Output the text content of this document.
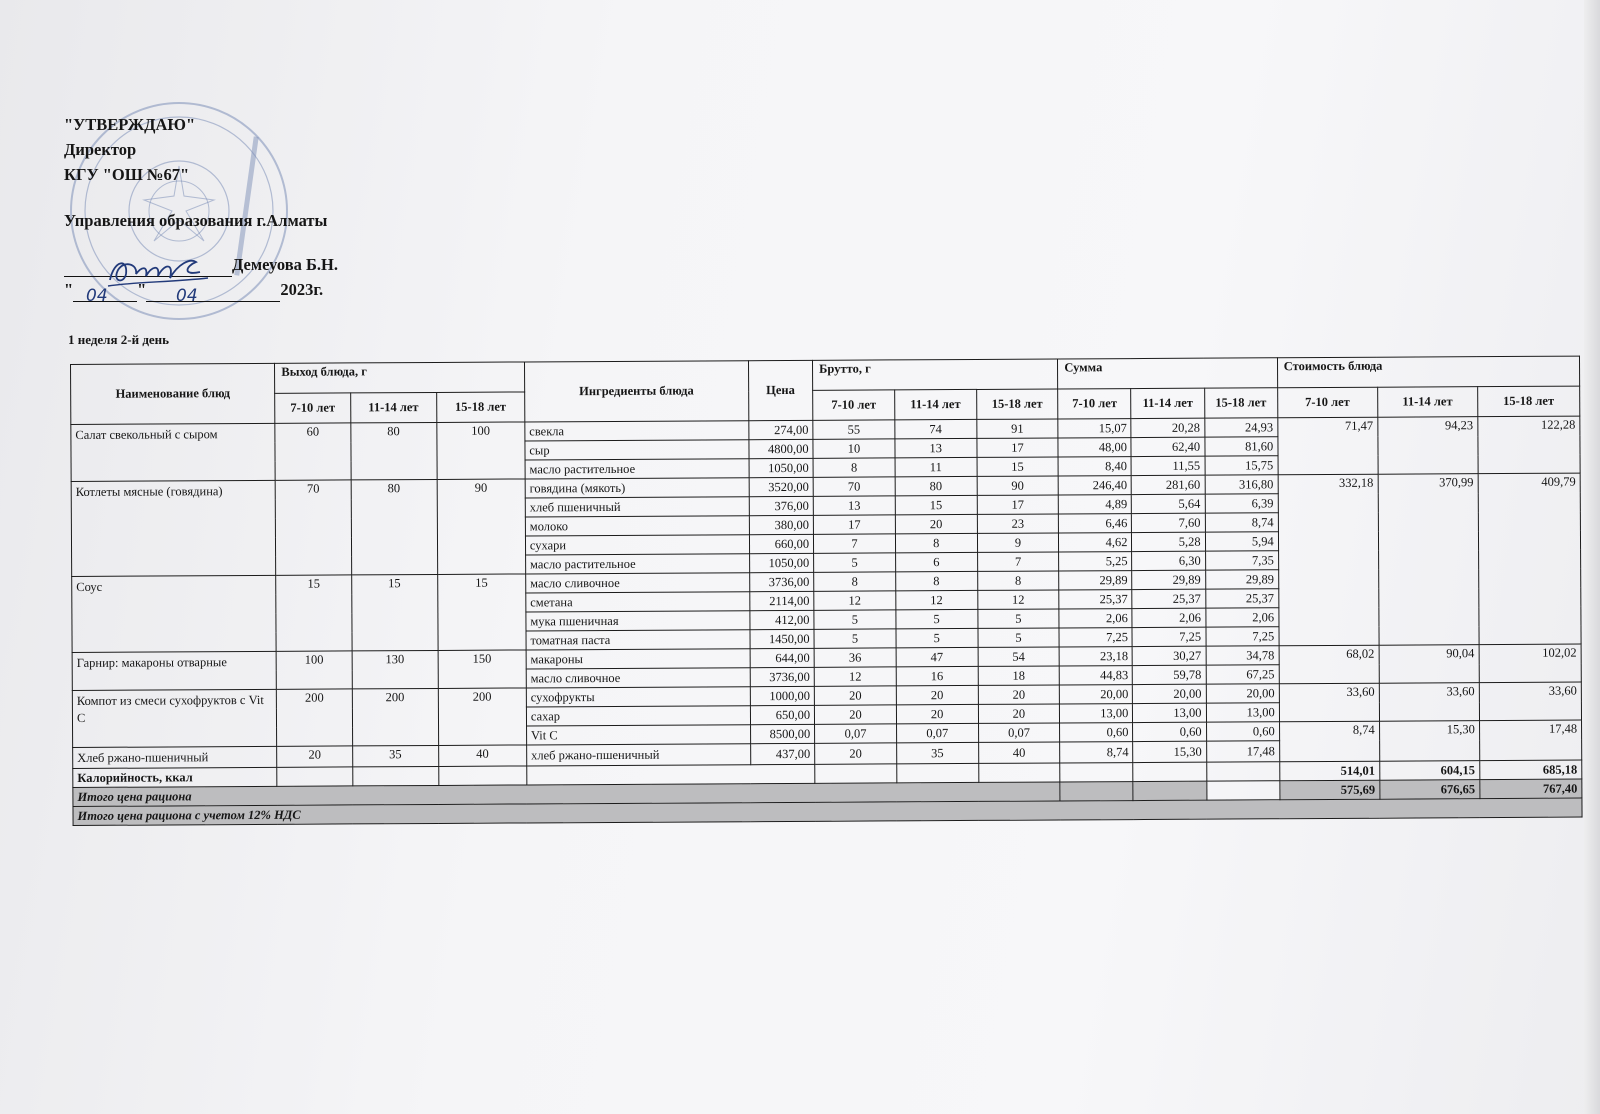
"УТВЕРЖДАЮ"
Директор
КГУ "ОШ №67"
Управления образования г.Алматы
Демеуова Б.Н.
"	"	2023г.
04	04
1 неделя 2-й день
Наименование блюд	Выход блюда, г			Ингредиенты блюда	Цена	Брутто, г			Сумма			Стоимость блюда		
	7-10 лет	11-14 лет	15-18 лет			7-10 лет	11-14 лет	15-18 лет	7-10 лет	11-14 лет	15-18 лет	7-10 лет	11-14 лет	15-18 лет
Салат свекольный с сыром	60	80	100	свекла	274,00	55	74	91	15,07	20,28	24,93	71,47	94,23	122,28
				сыр	4800,00	10	13	17	48,00	62,40	81,60			
				масло растительное	1050,00	8	11	15	8,40	11,55	15,75			
Котлеты мясные (говядина)	70	80	90	говядина (мякоть)	3520,00	70	80	90	246,40	281,60	316,80	332,18	370,99	409,79
				хлеб пшеничный	376,00	13	15	17	4,89	5,64	6,39			
				молоко	380,00	17	20	23	6,46	7,60	8,74			
				сухари	660,00	7	8	9	4,62	5,28	5,94			
				масло растительное	1050,00	5	6	7	5,25	6,30	7,35			
Соус	15	15	15	масло сливочное	3736,00	8	8	8	29,89	29,89	29,89			
				сметана	2114,00	12	12	12	25,37	25,37	25,37			
				мука пшеничная	412,00	5	5	5	2,06	2,06	2,06			
				томатная паста	1450,00	5	5	5	7,25	7,25	7,25			
Гарнир: макароны отварные	100	130	150	макароны	644,00	36	47	54	23,18	30,27	34,78	68,02	90,04	102,02
				масло сливочное	3736,00	12	16	18	44,83	59,78	67,25			
Компот из смеси сухофруктов с Vit C	200	200	200	сухофрукты	1000,00	20	20	20	20,00	20,00	20,00	33,60	33,60	33,60
				сахар	650,00	20	20	20	13,00	13,00	13,00			
				Vit C	8500,00	0,07	0,07	0,07	0,60	0,60	0,60	8,74	15,30	17,48
Хлеб ржано-пшеничный	20	35	40	хлеб ржано-пшеничный	437,00	20	35	40	8,74	15,30	17,48			
Калорийность, ккал												514,01	604,15	685,18
Итого цена рациона												575,69	676,65	767,40
Итого цена рациона с учетом 12% НДС														
